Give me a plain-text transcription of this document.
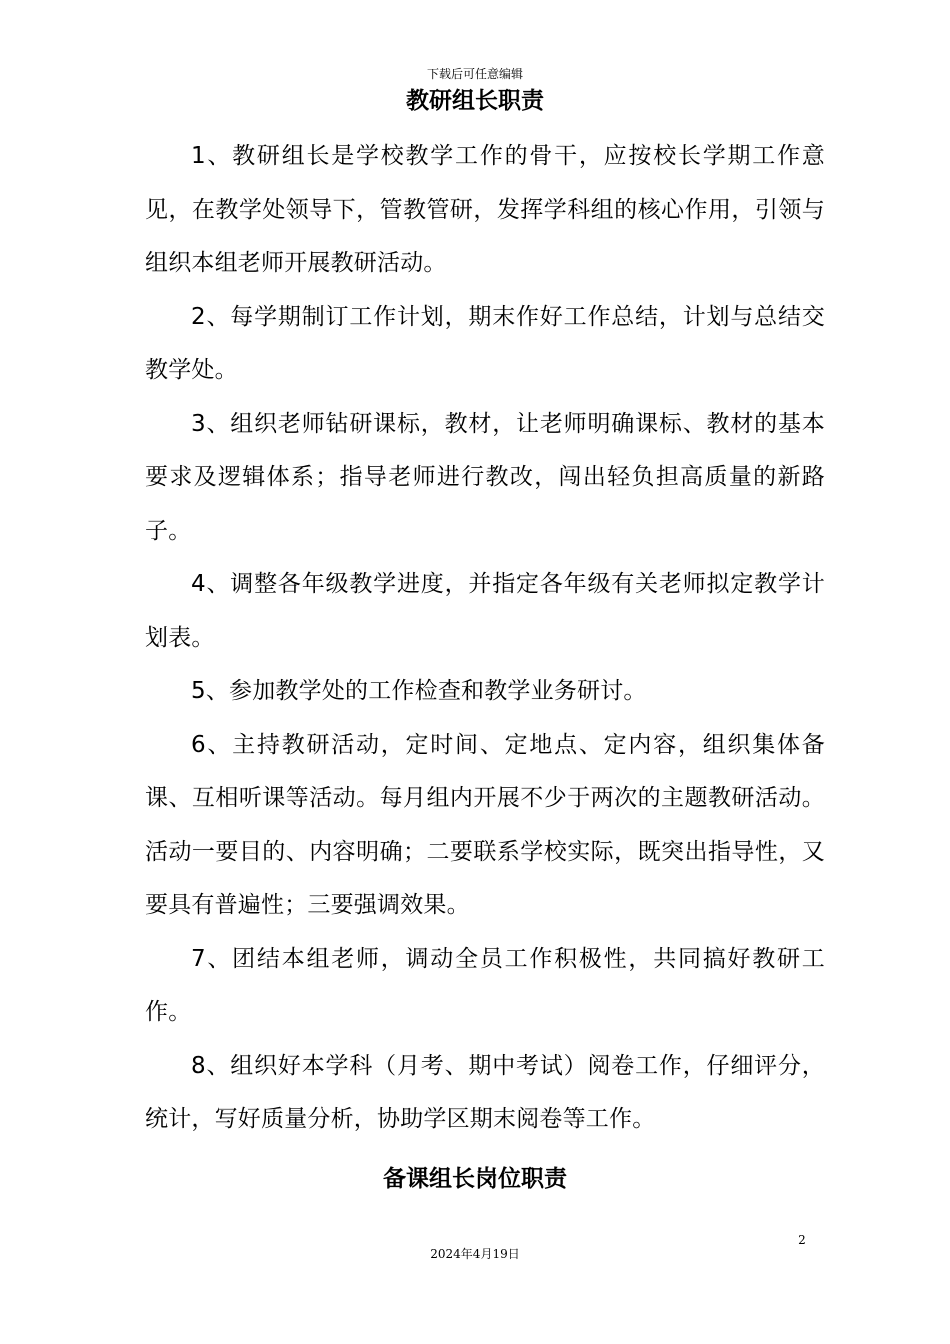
下载后可任意编辑
教研组长职责

1、教研组长是学校教学工作的骨干，应按校长学期工作意见，在教学处领导下，管教管研，发挥学科组的核心作用，引领与组织本组老师开展教研活动。

2、每学期制订工作计划，期末作好工作总结，计划与总结交教学处。

3、组织老师钻研课标，教材，让老师明确课标、教材的基本要求及逻辑体系；指导老师进行教改，闯出轻负担高质量的新路子。

4、调整各年级教学进度，并指定各年级有关老师拟定教学计划表。

5、参加教学处的工作检查和教学业务研讨。

6、主持教研活动，定时间、定地点、定内容，组织集体备课、互相听课等活动。每月组内开展不少于两次的主题教研活动。活动一要目的、内容明确；二要联系学校实际，既突出指导性，又要具有普遍性；三要强调效果。

7、团结本组老师，调动全员工作积极性，共同搞好教研工作。

8、组织好本学科（月考、期中考试）阅卷工作，仔细评分，统计，写好质量分析，协助学区期末阅卷等工作。

备课组长岗位职责
2
2024年4月19日
